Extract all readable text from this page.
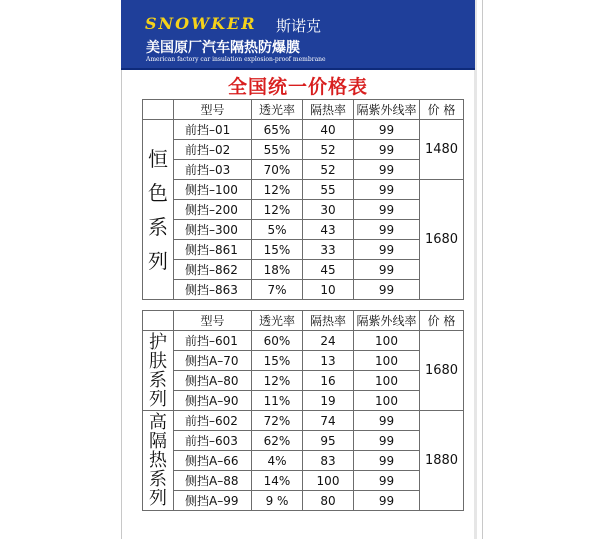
SNOWKER 斯诺克
美国原厂汽车隔热防爆膜
American factory car insulation explosion-proof membrane
全国统一价格表
	型号	透光率	隔热率	隔紫外线率	价 格
恒色系列	前挡–01	65%	40	99	1480
	前挡–02	55%	52	99	
	前挡–03	70%	52	99	
	侧挡–100	12%	55	99	1680
	侧挡–200	12%	30	99	
	侧挡–300	5%	43	99	
	侧挡–861	15%	33	99	
	侧挡–862	18%	45	99	
	侧挡–863	7%	10	99	
	型号	透光率	隔热率	隔紫外线率	价 格
护肤系列	前挡–601	60%	24	100	1680
	侧挡A–70	15%	13	100	
	侧挡A–80	12%	16	100	
	侧挡A–90	11%	19	100	
高隔热系列	前挡–602	72%	74	99	1880
	前挡–603	62%	95	99	
	侧挡A–66	4%	83	99	
	侧挡A–88	14%	100	99	
	侧挡A–99	9 %	80	99	
